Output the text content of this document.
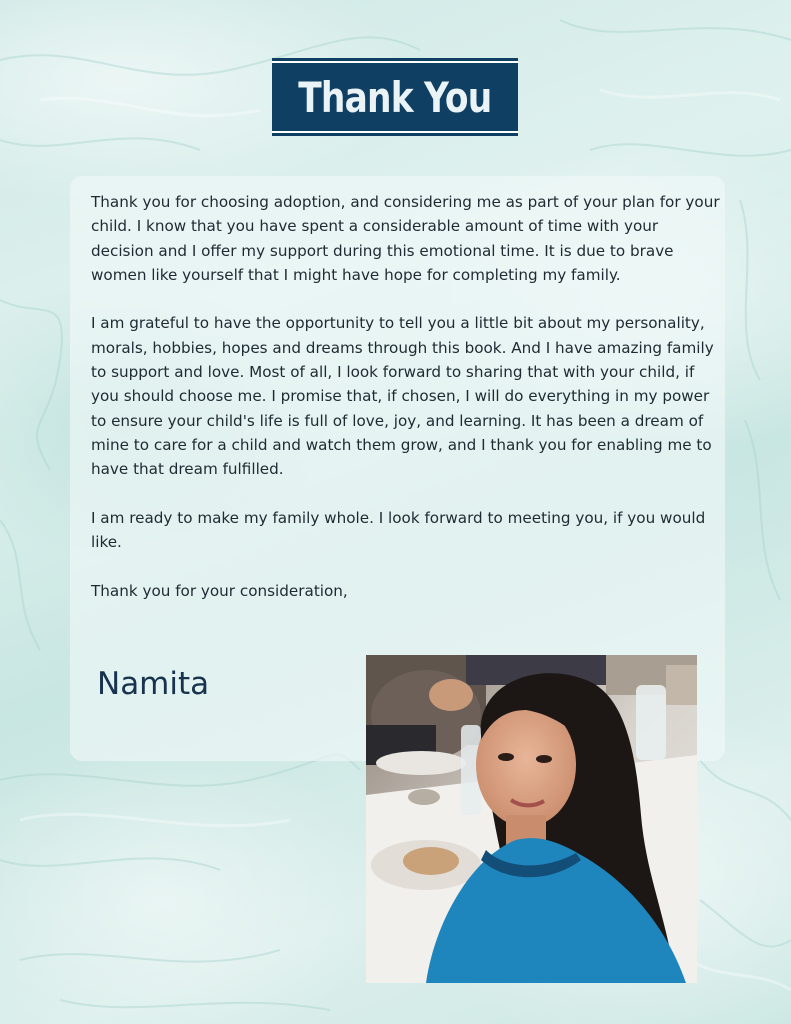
Thank You

Thank you for choosing adoption, and considering me as part of your plan for your child. I know that you have spent a considerable amount of time with your decision and I offer my support during this emotional time. It is due to brave women like yourself that I might have hope for completing my family.

I am grateful to have the opportunity to tell you a little bit about my personality, morals, hobbies, hopes and dreams through this book. And I have amazing family to support and love. Most of all, I look forward to sharing that with your child, if you should choose me. I promise that, if chosen, I will do everything in my power to ensure your child's life is full of love, joy, and learning. It has been a dream of mine to care for a child and watch them grow, and I thank you for enabling me to have that dream fulfilled.

I am ready to make my family whole. I look forward to meeting you, if you would like.

Thank you for your consideration,

Namita
